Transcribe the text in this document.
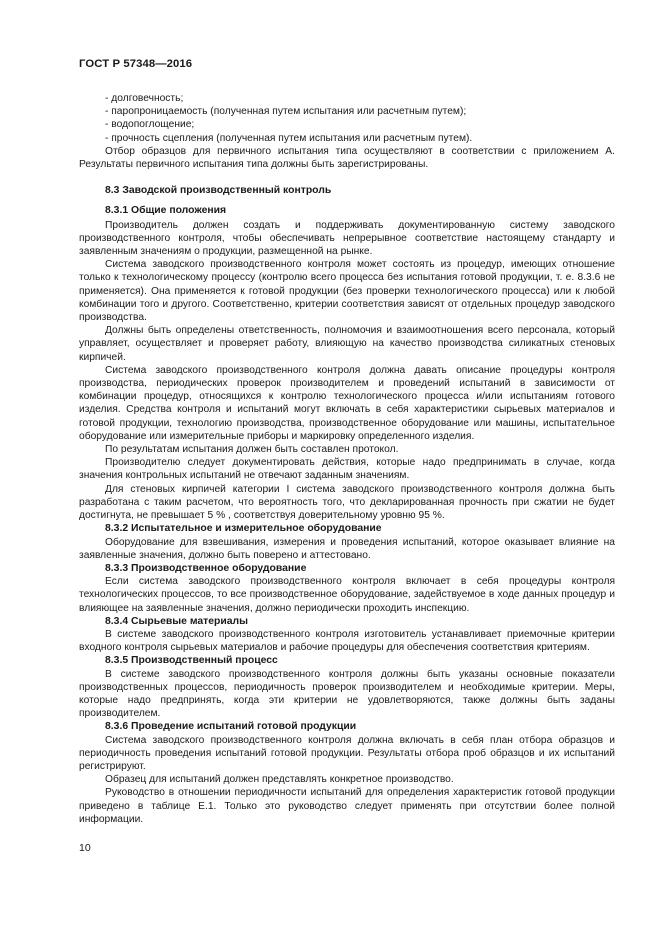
ГОСТ Р 57348—2016

- долговечность;

- паропроницаемость (полученная путем испытания или расчетным путем);

- водопоглощение;

- прочность сцепления (полученная путем испытания или расчетным путем).

Отбор образцов для первичного испытания типа осуществляют в соответствии с приложением А. Результаты первичного испытания типа должны быть зарегистрированы.

8.3 Заводской производственный контроль
8.3.1 Общие положения

Производитель должен создать и поддерживать документированную систему заводского производственного контроля, чтобы обеспечивать непрерывное соответствие настоящему стандарту и заявленным значениям о продукции, размещенной на рынке.

Система заводского производственного контроля может состоять из процедур, имеющих отношение только к технологическому процессу (контролю всего процесса без испытания готовой продукции, т. е. 8.3.6 не применяется). Она применяется к готовой продукции (без проверки технологического процесса) или к любой комбинации того и другого. Соответственно, критерии соответствия зависят от отдельных процедур заводского производства.

Должны быть определены ответственность, полномочия и взаимоотношения всего персонала, который управляет, осуществляет и проверяет работу, влияющую на качество производства силикатных стеновых кирпичей.

Система заводского производственного контроля должна давать описание процедуры контроля производства, периодических проверок производителем и проведений испытаний в зависимости от комбинации процедур, относящихся к контролю технологического процесса и/или испытаниям готового изделия. Средства контроля и испытаний могут включать в себя характеристики сырьевых материалов и готовой продукции, технологию производства, производственное оборудование или машины, испытательное оборудование или измерительные приборы и маркировку определенного изделия.

По результатам испытания должен быть составлен протокол.

Производителю следует документировать действия, которые надо предпринимать в случае, когда значения контрольных испытаний не отвечают заданным значениям.

Для стеновых кирпичей категории I система заводского производственного контроля должна быть разработана с таким расчетом, что вероятность того, что декларированная прочность при сжатии не будет достигнута, не превышает 5 % , соответствуя доверительному уровню 95 %.

8.3.2 Испытательное и измерительное оборудование

Оборудование для взвешивания, измерения и проведения испытаний, которое оказывает влияние на заявленные значения, должно быть поверено и аттестовано.

8.3.3 Производственное оборудование

Если система заводского производственного контроля включает в себя процедуры контроля технологических процессов, то все производственное оборудование, задействуемое в ходе данных процедур и влияющее на заявленные значения, должно периодически проходить инспекцию.

8.3.4 Сырьевые материалы

В системе заводского производственного контроля изготовитель устанавливает приемочные критерии входного контроля сырьевых материалов и рабочие процедуры для обеспечения соответствия критериям.

8.3.5 Производственный процесс

В системе заводского производственного контроля должны быть указаны основные показатели производственных процессов, периодичность проверок производителем и необходимые критерии. Меры, которые надо предпринять, когда эти критерии не удовлетворяются, также должны быть заданы производителем.

8.3.6 Проведение испытаний готовой продукции

Система заводского производственного контроля должна включать в себя план отбора образцов и периодичность проведения испытаний готовой продукции. Результаты отбора проб образцов и их испытаний регистрируют.

Образец для испытаний должен представлять конкретное производство.

Руководство в отношении периодичности испытаний для определения характеристик готовой продукции приведено в таблице Е.1. Только это руководство следует применять при отсутствии более полной информации.

10
